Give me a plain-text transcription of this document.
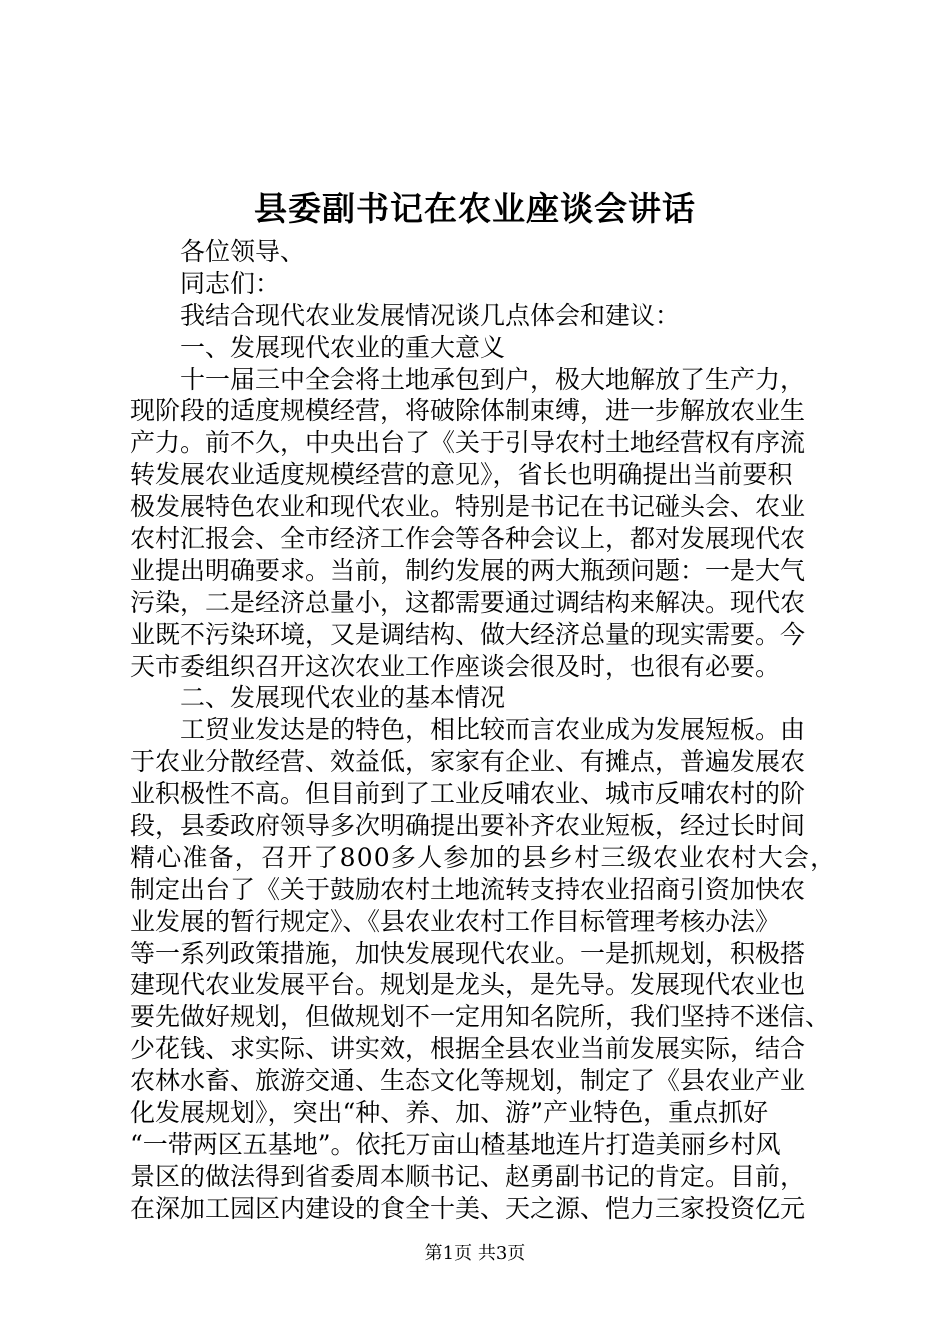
县委副书记在农业座谈会讲话
各位领导、
同志们：
我结合现代农业发展情况谈几点体会和建议：
一、发展现代农业的重大意义
十一届三中全会将土地承包到户，极大地解放了生产力，
现阶段的适度规模经营，将破除体制束缚，进一步解放农业生
产力。前不久，中央出台了《关于引导农村土地经营权有序流
转发展农业适度规模经营的意见》，省长也明确提出当前要积
极发展特色农业和现代农业。特别是书记在书记碰头会、农业
农村汇报会、全市经济工作会等各种会议上，都对发展现代农
业提出明确要求。当前，制约发展的两大瓶颈问题：一是大气
污染，二是经济总量小，这都需要通过调结构来解决。现代农
业既不污染环境，又是调结构、做大经济总量的现实需要。今
天市委组织召开这次农业工作座谈会很及时，也很有必要。
二、发展现代农业的基本情况
工贸业发达是的特色，相比较而言农业成为发展短板。由
于农业分散经营、效益低，家家有企业、有摊点，普遍发展农
业积极性不高。但目前到了工业反哺农业、城市反哺农村的阶
段，县委政府领导多次明确提出要补齐农业短板，经过长时间
精心准备，召开了800多人参加的县乡村三级农业农村大会，
制定出台了《关于鼓励农村土地流转支持农业招商引资加快农
业发展的暂行规定》、《县农业农村工作目标管理考核办法》
等一系列政策措施，加快发展现代农业。一是抓规划，积极搭
建现代农业发展平台。规划是龙头，是先导。发展现代农业也
要先做好规划，但做规划不一定用知名院所，我们坚持不迷信、
少花钱、求实际、讲实效，根据全县农业当前发展实际，结合
农林水畜、旅游交通、生态文化等规划，制定了《县农业产业
化发展规划》，突出“种、养、加、游”产业特色，重点抓好
“一带两区五基地”。依托万亩山楂基地连片打造美丽乡村风
景区的做法得到省委周本顺书记、赵勇副书记的肯定。目前，
在深加工园区内建设的食全十美、天之源、恺力三家投资亿元
第1页 共3页
